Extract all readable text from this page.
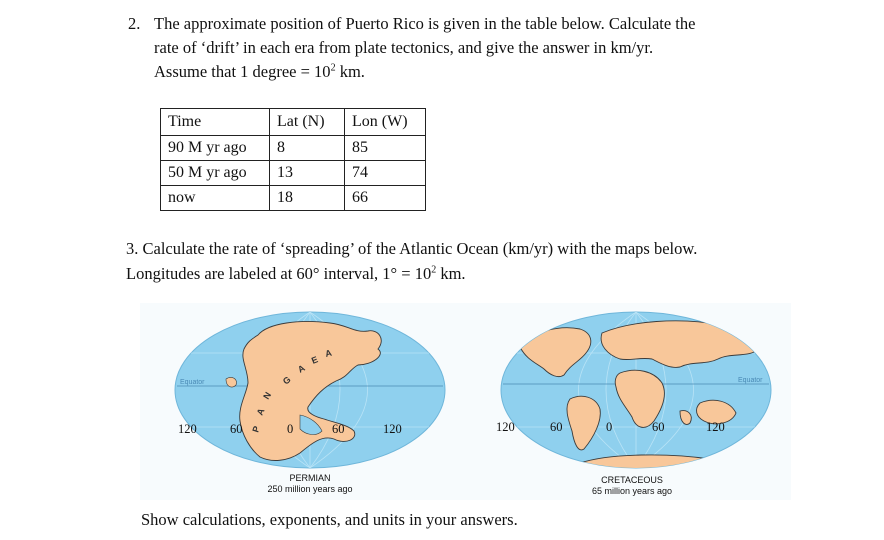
2. The approximate position of Puerto Rico is given in the table below. Calculate the
rate of ‘drift’ in each era from plate tectonics, and give the answer in km/yr.
Assume that 1 degree = $10^2$ km.
Time	Lat (N)	Lon (W)
90 M yr ago	8	85
50 M yr ago	13	74
now	18	66
3. Calculate the rate of ‘spreading’ of the Atlantic Ocean (km/yr) with the maps below.
Longitudes are labeled at 60° interval, $1^\circ = 10^2$ km.
Equator
P
A
N
G
A
E
A
120	60	0	60	120
PERMIAN
250 million years ago
Equator
120	60	0	60	120
CRETACEOUS
65 million years ago
Show calculations, exponents, and units in your answers.
